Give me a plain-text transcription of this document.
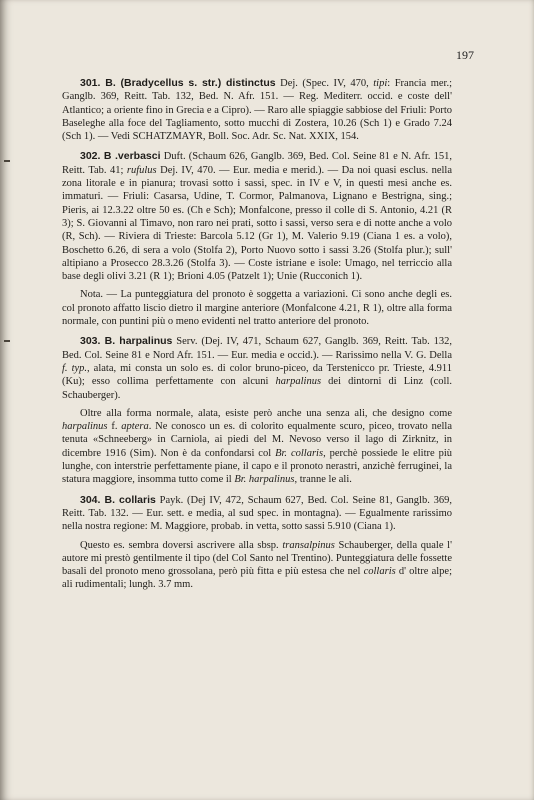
197

301. B. (Bradycellus s. str.) distinctus Dej. (Spec. IV, 470, tipi: Francia mer.; Ganglb. 369, Reitt. Tab. 132, Bed. N. Afr. 151. — Reg. Mediterr. occid. e coste dell' Atlantico; a oriente fino in Grecia e a Cipro). — Raro alle spiaggie sabbiose del Friuli: Porto Baseleghe alla foce del Tagliamento, sotto mucchi di Zostera, 10.26 (Sch 1) e Grado 7.24 (Sch 1). — Vedi SCHATZMAYR, Boll. Soc. Adr. Sc. Nat. XXIX, 154.

302. B .verbasci Duft. (Schaum 626, Ganglb. 369, Bed. Col. Seine 81 e N. Afr. 151, Reitt. Tab. 41; rufulus Dej. IV, 470. — Eur. media e merid.). — Da noi quasi esclus. nella zona litorale e in pianura; trovasi sotto i sassi, spec. in IV e V, in questi mesi anche es. immaturi. — Friuli: Casarsa, Udine, T. Cormor, Palmanova, Lignano e Bestrigna, sing.; Pieris, ai 12.3.22 oltre 50 es. (Ch e Sch); Monfalcone, presso il colle di S. Antonio, 4.21 (R 3); S. Giovanni al Timavo, non raro nei prati, sotto i sassi, verso sera e di notte anche a volo (R, Sch). — Riviera di Trieste: Barcola 5.12 (Gr 1), M. Valerio 9.19 (Ciana 1 es. a volo), Boschetto 6.26, di sera a volo (Stolfa 2), Porto Nuovo sotto i sassi 3.26 (Stolfa plur.); sull' altipiano a Prosecco 28.3.26 (Stolfa 3). — Coste istriane e isole: Umago, nel terriccio alla base degli olivi 3.21 (R 1); Brioni 4.05 (Patzelt 1); Unie (Rucconich 1).

Nota. — La punteggiatura del pronoto è soggetta a variazioni. Ci sono anche degli es. col pronoto affatto liscio dietro il margine anteriore (Monfalcone 4.21, R 1), oltre alla forma normale, con puntini più o meno evidenti nel tratto anteriore del pronoto.

303. B. harpalinus Serv. (Dej. IV, 471, Schaum 627, Ganglb. 369, Reitt. Tab. 132, Bed. Col. Seine 81 e Nord Afr. 151. — Eur. media e occid.). — Rarissimo nella V. G. Della f. typ., alata, mi consta un solo es. di color bruno-piceo, da Terstenicco pr. Trieste, 4.911 (Ku); esso collima perfettamente con alcuni harpalinus dei dintorni di Linz (coll. Schauberger).

Oltre alla forma normale, alata, esiste però anche una senza ali, che designo come harpalinus f. aptera. Ne conosco un es. di colorito equalmente scuro, piceo, trovato nella tenuta «Schneeberg» in Carniola, ai piedi del M. Nevoso verso il lago di Zirknitz, in dicembre 1916 (Sim). Non è da confondarsi col Br. collaris, perchè possiede le elitre più lunghe, con interstrie perfettamente piane, il capo e il pronoto nerastri, anzichè ferruginei, la statura maggiore, insomma tutto come il Br. harpalinus, tranne le ali.

304. B. collaris Payk. (Dej IV, 472, Schaum 627, Bed. Col. Seine 81, Ganglb. 369, Reitt. Tab. 132. — Eur. sett. e media, al sud spec. in montagna). — Egualmente rarissimo nella nostra regione: M. Maggiore, probab. in vetta, sotto sassi 5.910 (Ciana 1).

Questo es. sembra doversi ascrivere alla sbsp. transalpinus Schauberger, della quale l' autore mi prestò gentilmente il tipo (del Col Santo nel Trentino). Punteggiatura delle fossette basali del pronoto meno grossolana, però più fitta e più estesa che nel collaris d' oltre alpe; ali rudimentali; lungh. 3.7 mm.
